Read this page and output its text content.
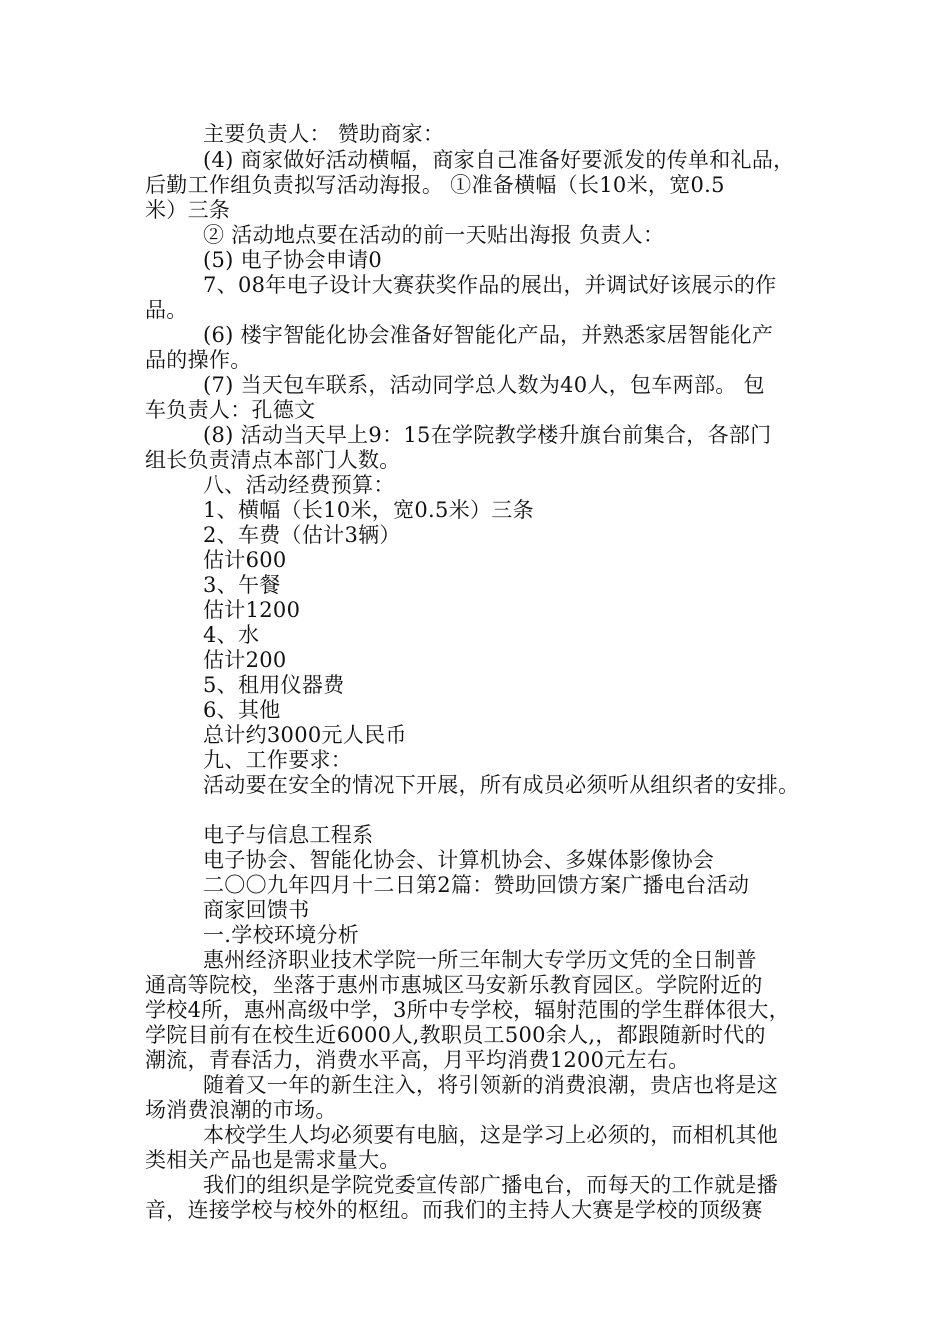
主要负责人： 赞助商家：
(4) 商家做好活动横幅，商家自己准备好要派发的传单和礼品，
后勤工作组负责拟写活动海报。 ①准备横幅（长10米，宽0.5
米）三条
② 活动地点要在活动的前一天贴出海报 负责人：
(5) 电子协会申请0
7、08年电子设计大赛获奖作品的展出，并调试好该展示的作
品。
(6) 楼宇智能化协会准备好智能化产品，并熟悉家居智能化产
品的操作。
(7) 当天包车联系，活动同学总人数为40人，包车两部。 包
车负责人：孔德文
(8) 活动当天早上9：15在学院教学楼升旗台前集合，各部门
组长负责清点本部门人数。
八、活动经费预算：
1、横幅（长10米，宽0.5米）三条
2、车费（估计3辆）
估计600
3、午餐
估计1200
4、水
估计200
5、租用仪器费
6、其他
总计约3000元人民币
九、工作要求：
活动要在安全的情况下开展，所有成员必须听从组织者的安排。
电子与信息工程系
电子协会、智能化协会、计算机协会、多媒体影像协会
二〇〇九年四月十二日第2篇：赞助回馈方案广播电台活动
商家回馈书
一.学校环境分析
惠州经济职业技术学院一所三年制大专学历文凭的全日制普
通高等院校，坐落于惠州市惠城区马安新乐教育园区。学院附近的
学校4所，惠州高级中学，3所中专学校，辐射范围的学生群体很大，
学院目前有在校生近6000人,教职员工500余人,，都跟随新时代的
潮流，青春活力，消费水平高，月平均消费1200元左右。
随着又一年的新生注入，将引领新的消费浪潮，贵店也将是这
场消费浪潮的市场。
本校学生人均必须要有电脑，这是学习上必须的，而相机其他
类相关产品也是需求量大。
我们的组织是学院党委宣传部广播电台，而每天的工作就是播
音，连接学校与校外的枢纽。而我们的主持人大赛是学校的顶级赛
